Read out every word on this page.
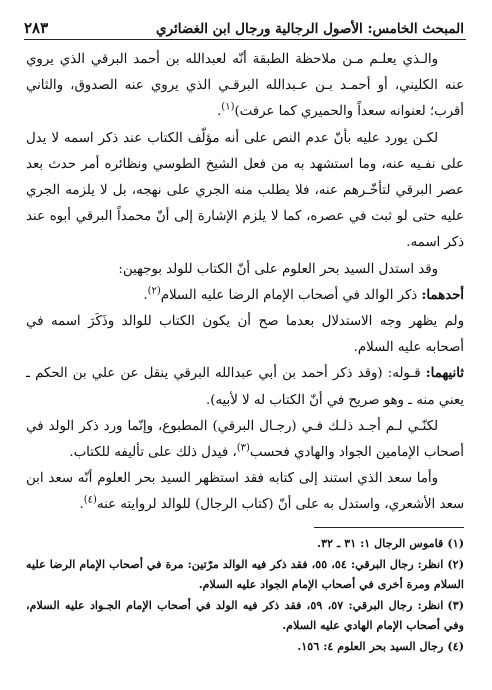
المبحث الخامس: الأصول الرجالية ورجال ابن الغضائري
٢٨٣

والـذي يعلـم مـن ملاحظة الطبقة أنّه لعبدالله بن أحمد البرقي الذي يروي عنه الكليني، أو أحمـد بـن عـبدالله البرقـي الذي يروي عنه الصدوق، والثاني أقرب؛ لعنوانه سعداً والحميري كما عرفت)$^{(١)}$.

لكـن يورد عليه بأنّ عدم النص على أنه مؤلّف الكتاب عند ذكر اسمه لا يدل على نفـيه عنه، وما استشهد به من فعل الشيخ الطوسي ونظائره أمر حدث بعد عصر البرقي لتأخّـرهم عنه، فلا يطلب منه الجري على نهجه، بل لا يلزمه الجري عليه حتى لو ثبت في عصره، كما لا يلزم الإشارة إلى أنّ محمداً البرقي أبوه عند ذكر اسمه.

وقد استدل السيد بحر العلوم على أنّ الكتاب للولد بوجهين:

أحدهما: ذكر الوالد في أصحاب الإمام الرضا عليه السلام$^{(٢)}$.

ولم يظهر وجه الاستدلال بعدما صح أن يكون الكتاب للوالد وذَكَرَ اسمه في أصحابه عليه السلام.

ثانيهما: قـوله: (وقد ذكر أحمد بن أبي عبدالله البرقي ينقل عن علي بن الحكم ـ يعني منه ـ وهو صريح في أنّ الكتاب له لا لأبيه).

لكنّـي لـم أجـد ذلـك فـي (رجـال البرقي) المطبوع، وإنّما ورد ذكر الولد في أصحاب الإمامين الجواد والهادي فحسب$^{(٣)}$، فيدل ذلك على تأليفه للكتاب.

وأما سعد الذي استند إلى كتابه فقد استظهر السيد بحر العلوم أنّه سعد ابن سعد الأشعري، واستدل به على أنّ (كتاب الرجال) للوالد لروايته عنه$^{(٤)}$.

(١)قاموس الرجال ١: ٣١ ـ ٣٢.

(٢)انظر: رجال البرقي: ٥٤، ٥٥، فقد ذكر فيه الوالد مرّتين: مرة في أصحاب الإمام الرضا عليه السلام ومرة أخرى في أصحاب الإمام الجواد عليه السلام.

(٣)انظر: رجال البرقي: ٥٧، ٥٩، فقد ذكر فيه الولد في أصحاب الإمام الجـواد عليه السلام، وفي أصحاب الإمام الهادي عليه السلام.

(٤)رجال السيد بحر العلوم ٤: ١٥٦.
